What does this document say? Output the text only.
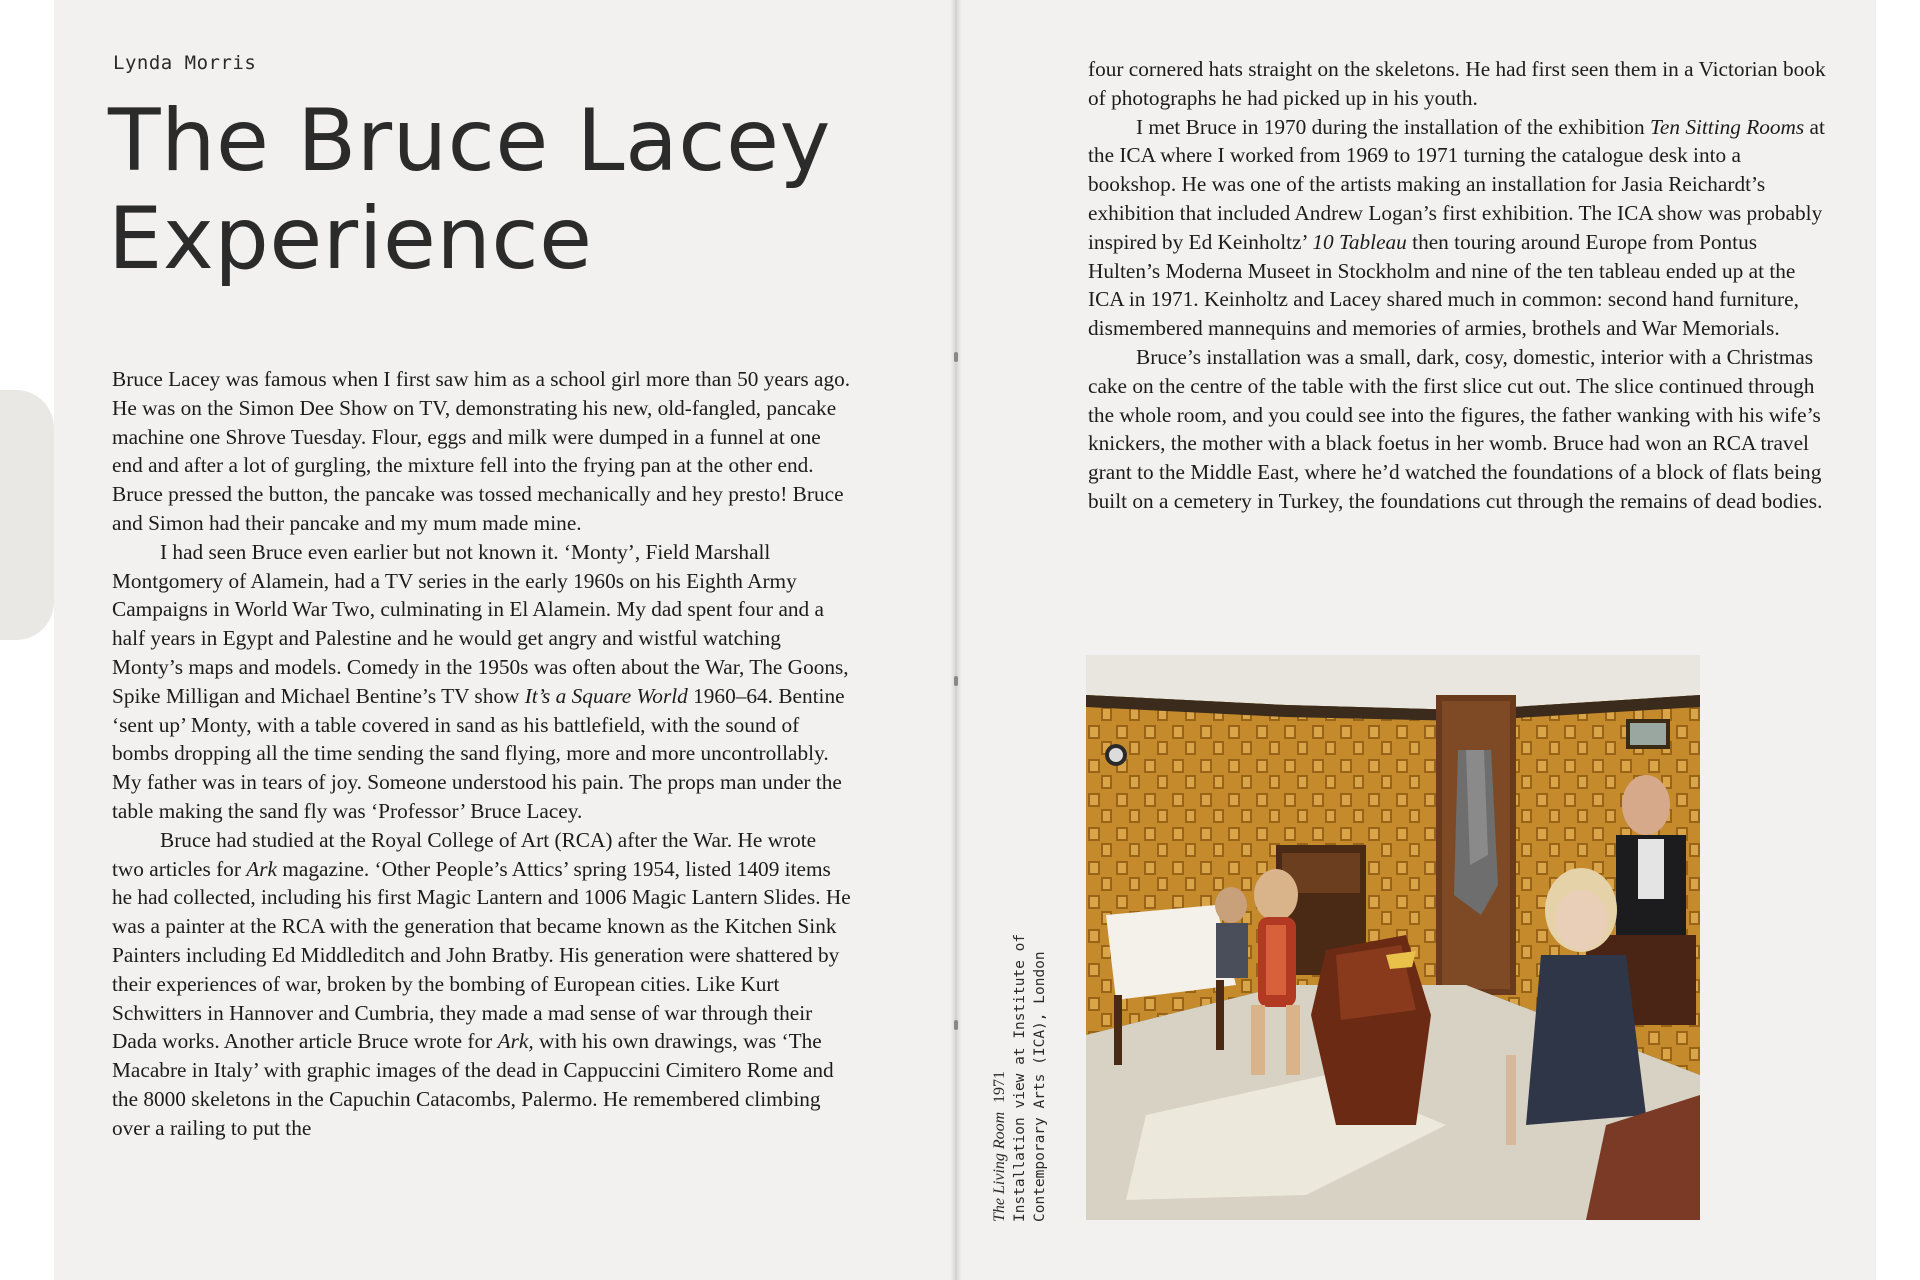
Lynda Morris
The Bruce Lacey
Experience

Bruce Lacey was famous when I first saw him as a school girl more than 50 years ago. He was on the Simon Dee Show on TV, demonstrating his new, old-fangled, pancake machine one Shrove Tuesday. Flour, eggs and milk were dumped in a funnel at one end and after a lot of gurgling, the mixture fell into the frying pan at the other end. Bruce pressed the button, the pancake was tossed mechanically and hey presto! Bruce and Simon had their pancake and my mum made mine.

I had seen Bruce even earlier but not known it. ‘Monty’, Field Marshall Montgomery of Alamein, had a TV series in the early 1960s on his Eighth Army Campaigns in World War Two, culminating in El Alamein. My dad spent four and a half years in Egypt and Palestine and he would get angry and wistful watching Monty’s maps and models. Comedy in the 1950s was often about the War, The Goons, Spike Milligan and Michael Bentine’s TV show It’s a Square World 1960–64. Bentine ‘sent up’ Monty, with a table covered in sand as his battlefield, with the sound of bombs dropping all the time sending the sand flying, more and more uncontrollably. My father was in tears of joy. Someone understood his pain. The props man under the table making the sand fly was ‘Professor’ Bruce Lacey.

Bruce had studied at the Royal College of Art (RCA) after the War. He wrote two articles for Ark magazine. ‘Other People’s Attics’ spring 1954, listed 1409 items he had collected, including his first Magic Lantern and 1006 Magic Lantern Slides. He was a painter at the RCA with the generation that became known as the Kitchen Sink Painters including Ed Middleditch and John Bratby. His generation were shattered by their experiences of war, broken by the bombing of European cities. Like Kurt Schwitters in Hannover and Cumbria, they made a mad sense of war through their Dada works. Another article Bruce wrote for Ark, with his own drawings, was ‘The Macabre in Italy’ with graphic images of the dead in Cappuccini Cimitero Rome and the 8000 skeletons in the Capuchin Catacombs, Palermo. He remembered climbing over a railing to put the

four cornered hats straight on the skeletons. He had first seen them in a Victorian book of photographs he had picked up in his youth.

I met Bruce in 1970 during the installation of the exhibition Ten Sitting Rooms at the ICA where I worked from 1969 to 1971 turning the catalogue desk into a bookshop. He was one of the artists making an installation for Jasia Reichardt’s exhibition that included Andrew Logan’s first exhibition. The ICA show was probably inspired by Ed Keinholtz’ 10 Tableau then touring around Europe from Pontus Hulten’s Moderna Museet in Stockholm and nine of the ten tableau ended up at the ICA in 1971. Keinholtz and Lacey shared much in common: second hand furniture, dismembered mannequins and memories of armies, brothels and War Memorials.

Bruce’s installation was a small, dark, cosy, domestic, interior with a Christmas cake on the centre of the table with the first slice cut out. The slice continued through the whole room, and you could see into the figures, the father wanking with his wife’s knickers, the mother with a black foetus in her womb. Bruce had won an RCA travel grant to the Middle East, where he’d watched the foundations of a block of flats being built on a cemetery in Turkey, the foundations cut through the remains of dead bodies.

The Living Room 1971 Installation view at Institute of Contemporary Arts (ICA), London
